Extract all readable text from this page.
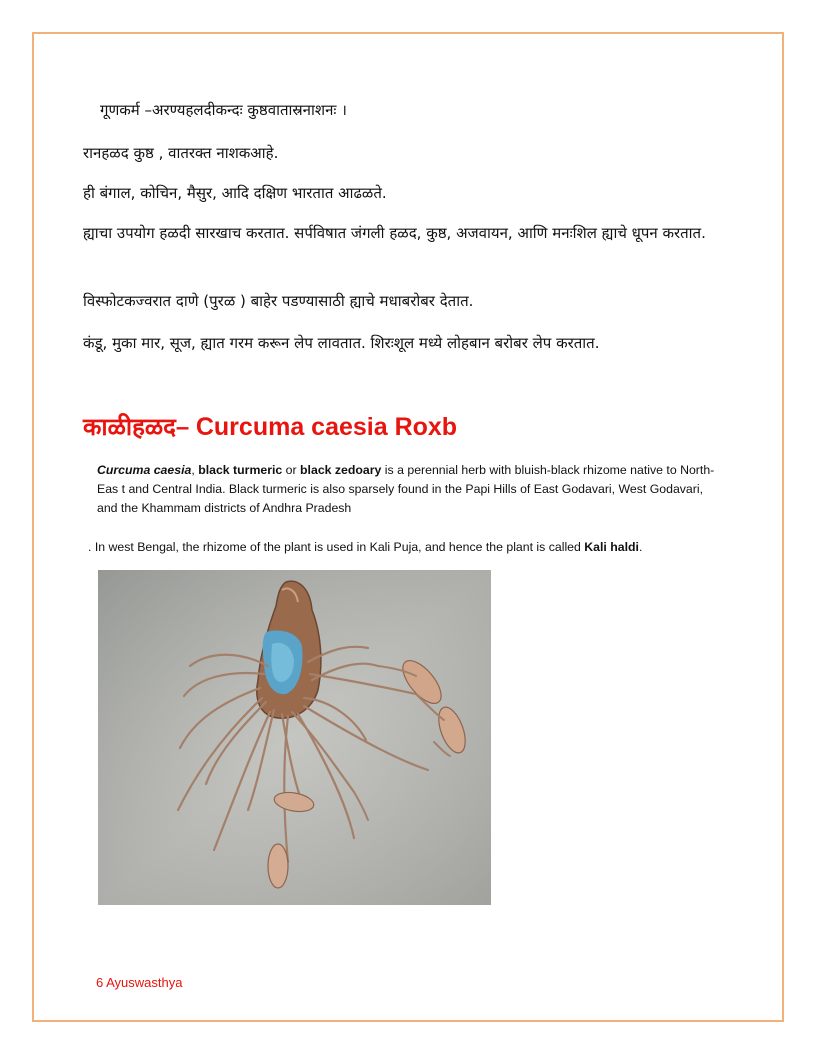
गूणकर्म –अरण्यहलदीकन्दः कुष्ठवातास्रनाशनः ।

रानहळद कुष्ठ , वातरक्त नाशकआहे.

ही बंगाल, कोचिन, मैसुर, आदि दक्षिण भारतात आढळते.

ह्याचा उपयोग हळदी सारखाच करतात. सर्पविषात जंगली हळद, कुष्ठ, अजवायन, आणि मनःशिल ह्याचे धूपन करतात.

विस्फोटकज्वरात दाणे (पुरळ ) बाहेर पडण्यासाठी ह्याचे मधाबरोबर देतात.

कंडू, मुका मार, सूज, ह्यात गरम करून लेप लावतात. शिरःशूल मध्ये लोहबान बरोबर लेप करतात.

काळीहळद– Curcuma caesia Roxb

Curcuma caesia, black turmeric or black zedoary is a perennial herb with bluish-black rhizome native to North-Eas t and Central India. Black turmeric is also sparsely found in the Papi Hills of East Godavari, West Godavari, and the Khammam districts of Andhra Pradesh

. In west Bengal, the rhizome of the plant is used in Kali Puja, and hence the plant is called Kali haldi.

6 Ayuswasthya
